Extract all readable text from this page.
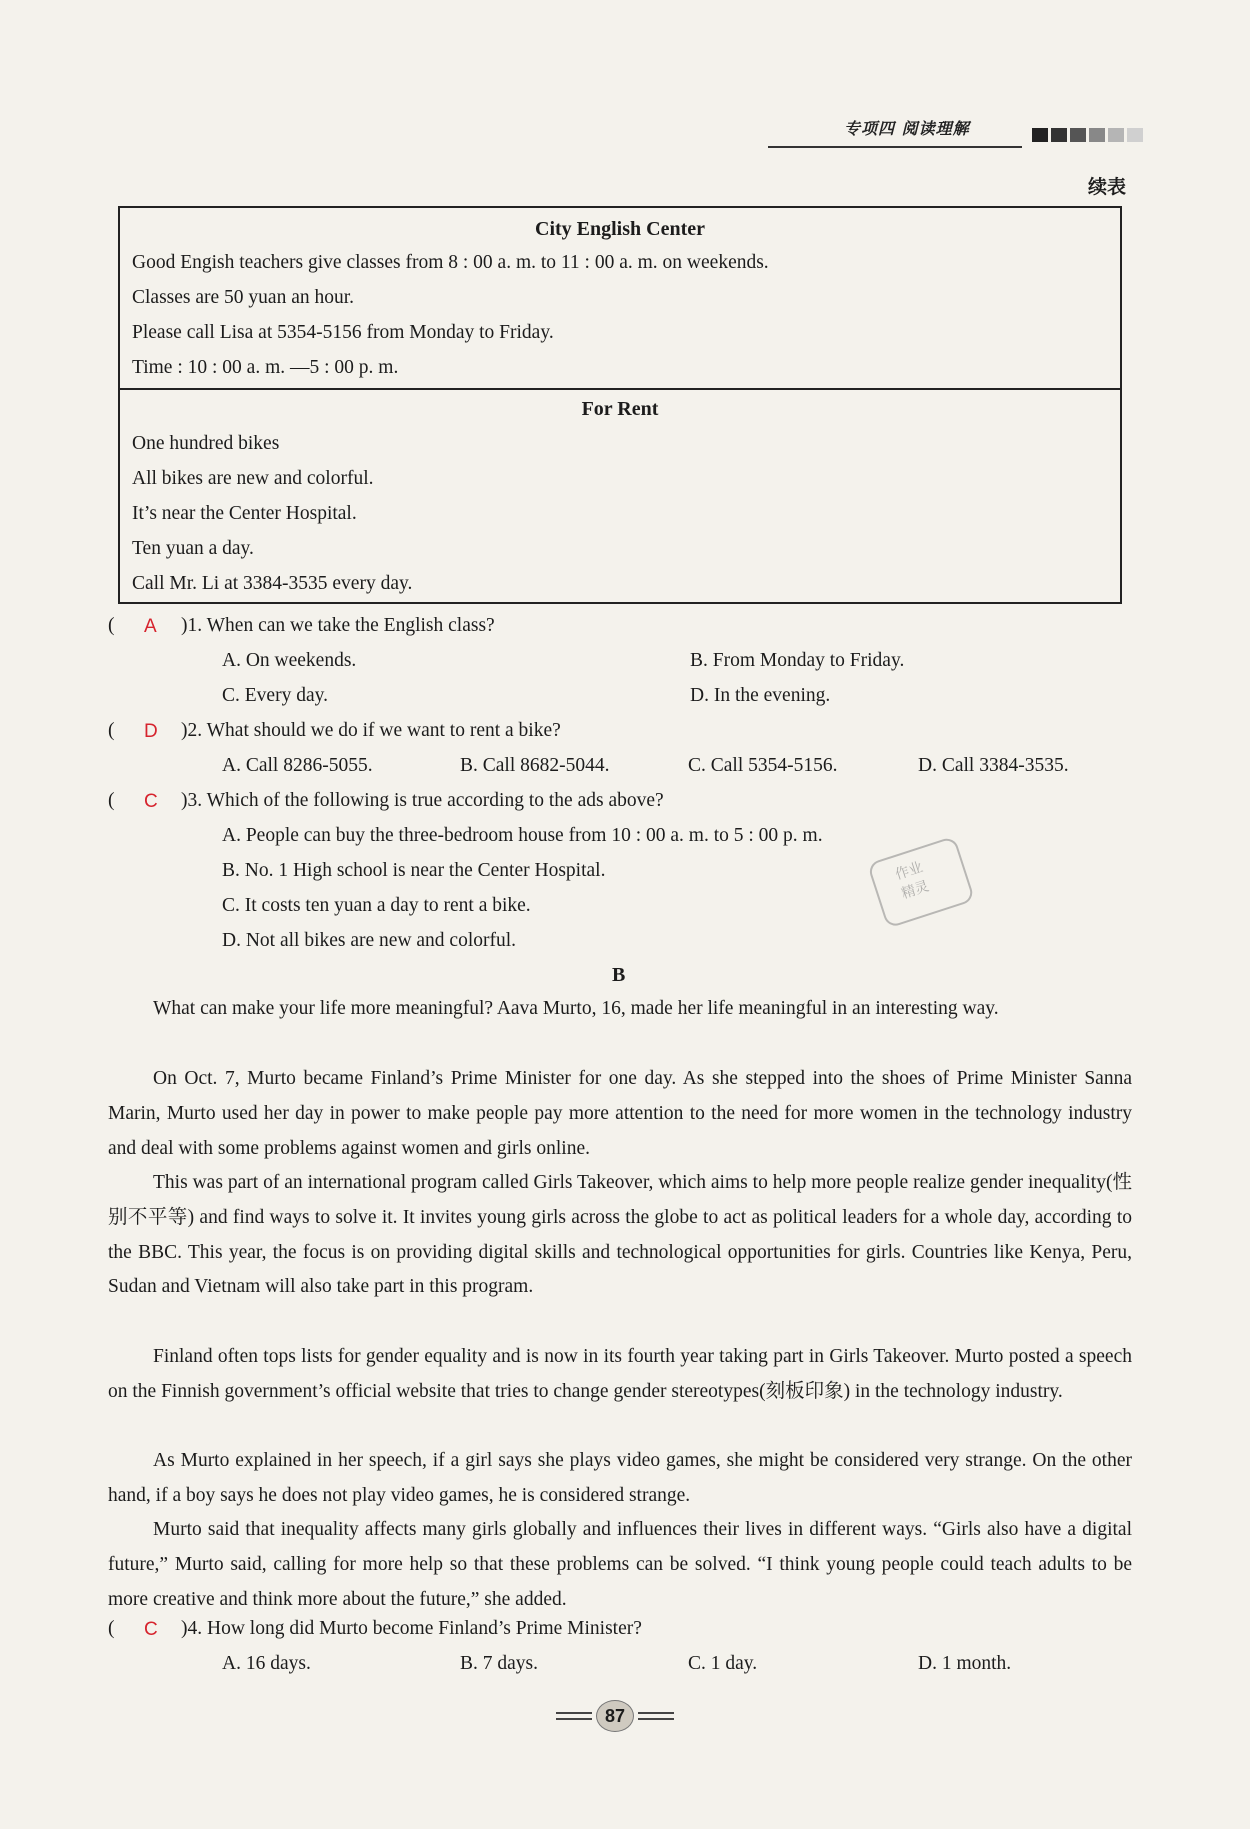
专项四 阅读理解
续表
City English Center
Good Engish teachers give classes from 8 : 00 a. m. to 11 : 00 a. m. on weekends.
Classes are 50 yuan an hour.
Please call Lisa at 5354-5156 from Monday to Friday.
Time : 10 : 00 a. m. —5 : 00 p. m.
For Rent
One hundred bikes
All bikes are new and colorful.
It’s near the Center Hospital.
Ten yuan a day.
Call Mr. Li at 3384-3535 every day.
( A )1. When can we take the English class?
A. On weekends.	B. From Monday to Friday.
C. Every day.	D. In the evening.
( D )2. What should we do if we want to rent a bike?
A. Call 8286-5055.	B. Call 8682-5044.	C. Call 5354-5156.	D. Call 3384-3535.
( C )3. Which of the following is true according to the ads above?
A. People can buy the three-bedroom house from 10 : 00 a. m. to 5 : 00 p. m.
B. No. 1 High school is near the Center Hospital.
C. It costs ten yuan a day to rent a bike.
D. Not all bikes are new and colorful.
作业
精灵
B

What can make your life more meaningful? Aava Murto, 16, made her life meaningful in an interesting way.

On Oct. 7, Murto became Finland’s Prime Minister for one day. As she stepped into the shoes of Prime Minister Sanna Marin, Murto used her day in power to make people pay more attention to the need for more women in the technology industry and deal with some problems against women and girls online.

This was part of an international program called Girls Takeover, which aims to help more people realize gender inequality(性别不平等) and find ways to solve it. It invites young girls across the globe to act as political leaders for a whole day, according to the BBC. This year, the focus is on providing digital skills and technological opportunities for girls. Countries like Kenya, Peru, Sudan and Vietnam will also take part in this program.

Finland often tops lists for gender equality and is now in its fourth year taking part in Girls Takeover. Murto posted a speech on the Finnish government’s official website that tries to change gender stereotypes(刻板印象) in the technology industry.

As Murto explained in her speech, if a girl says she plays video games, she might be considered very strange. On the other hand, if a boy says he does not play video games, he is considered strange.

Murto said that inequality affects many girls globally and influences their lives in different ways. “Girls also have a digital future,” Murto said, calling for more help so that these problems can be solved. “I think young people could teach adults to be more creative and think more about the future,” she added.

( C )4. How long did Murto become Finland’s Prime Minister?
A. 16 days.	B. 7 days.	C. 1 day.	D. 1 month.
87
